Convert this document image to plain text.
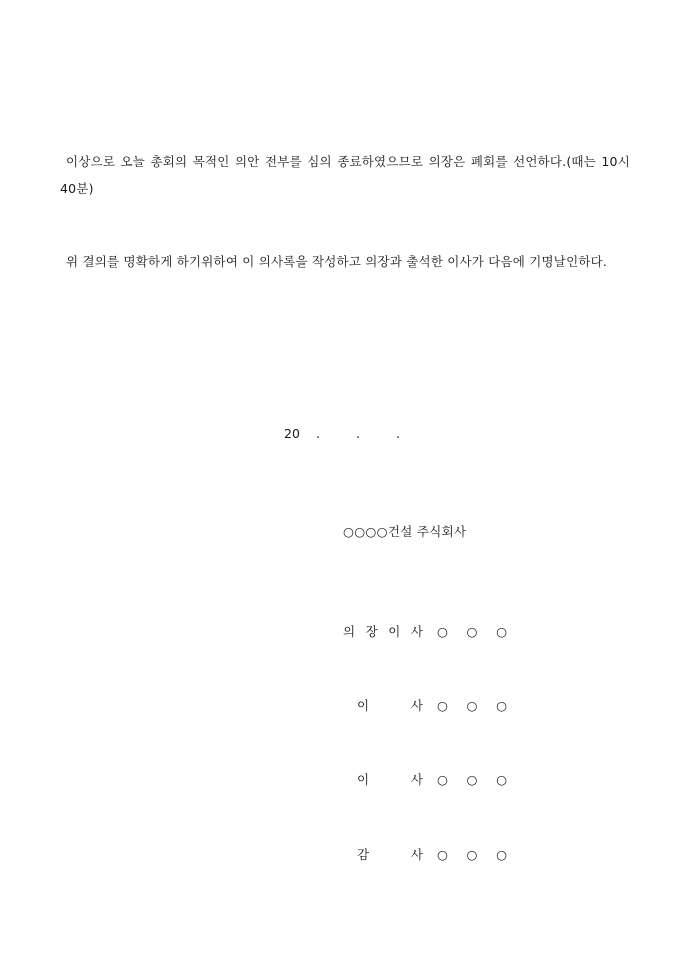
이상으로 오늘 총회의 목적인 의안 전부를 심의 종료하였으므로 의장은 폐회를 선언하다.(때는 10시 40분)

위 결의를 명확하게 하기위하여 이 의사록을 작성하고 의장과 출석한 이사가 다음에 기명날인하다.

20	.	.	.
○○○○건설 주식회사
의 장 이 사 ○ ○ ○
이	사 ○ ○ ○
이	사 ○ ○ ○
감	사 ○ ○ ○
